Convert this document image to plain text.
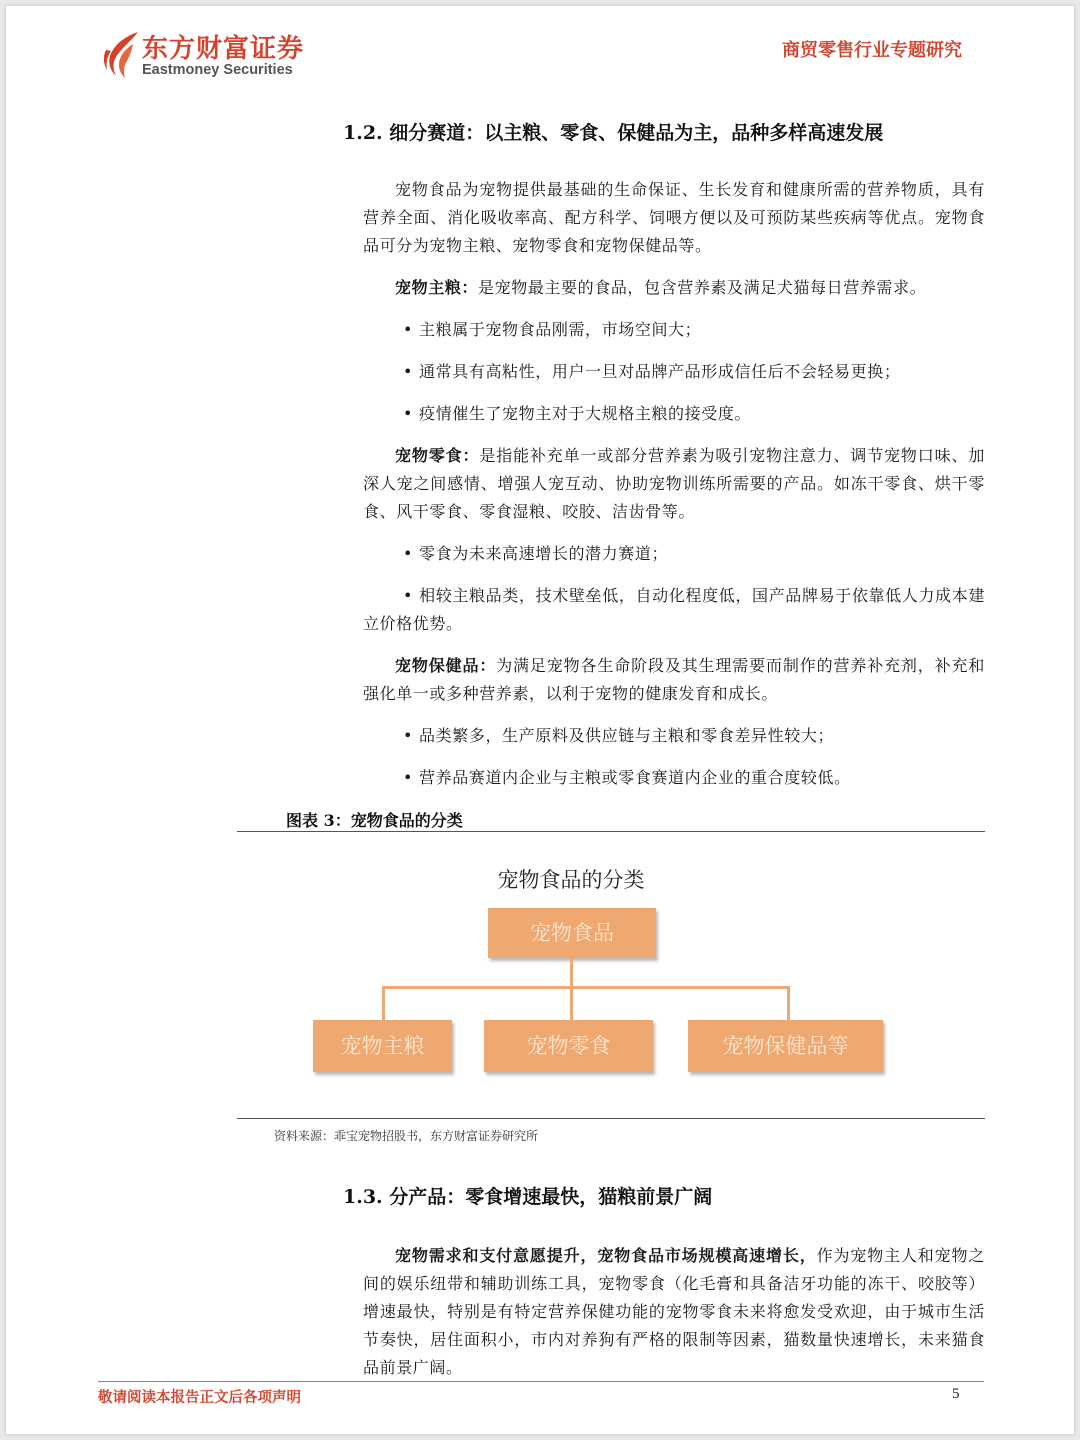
东方财富证券
Eastmoney Securities
商贸零售行业专题研究
1.2. 细分赛道：以主粮、零食、保健品为主，品种多样高速发展

宠物食品为宠物提供最基础的生命保证、生长发育和健康所需的营养物质，具有营养全面、消化吸收率高、配方科学、饲喂方便以及可预防某些疾病等优点。宠物食品可分为宠物主粮、宠物零食和宠物保健品等。

宠物主粮：是宠物最主要的食品，包含营养素及满足犬猫每日营养需求。

• 主粮属于宠物食品刚需，市场空间大；

• 通常具有高粘性，用户一旦对品牌产品形成信任后不会轻易更换；

• 疫情催生了宠物主对于大规格主粮的接受度。

宠物零食：是指能补充单一或部分营养素为吸引宠物注意力、调节宠物口味、加深人宠之间感情、增强人宠互动、协助宠物训练所需要的产品。如冻干零食、烘干零食、风干零食、零食湿粮、咬胶、洁齿骨等。

• 零食为未来高速增长的潜力赛道；

• 相较主粮品类，技术壁垒低，自动化程度低，国产品牌易于依靠低人力成本建立价格优势。

宠物保健品：为满足宠物各生命阶段及其生理需要而制作的营养补充剂，补充和强化单一或多种营养素，以利于宠物的健康发育和成长。

• 品类繁多，生产原料及供应链与主粮和零食差异性较大；

• 营养品赛道内企业与主粮或零食赛道内企业的重合度较低。

图表 3：宠物食品的分类
宠物食品的分类
宠物食品
宠物主粮	宠物零食	宠物保健品等
资料来源：乖宝宠物招股书，东方财富证券研究所
1.3. 分产品：零食增速最快，猫粮前景广阔

宠物需求和支付意愿提升，宠物食品市场规模高速增长，作为宠物主人和宠物之间的娱乐纽带和辅助训练工具，宠物零食（化毛膏和具备洁牙功能的冻干、咬胶等）增速最快，特别是有特定营养保健功能的宠物零食未来将愈发受欢迎，由于城市生活节奏快，居住面积小，市内对养狗有严格的限制等因素，猫数量快速增长，未来猫食品前景广阔。

敬请阅读本报告正文后各项声明	5
